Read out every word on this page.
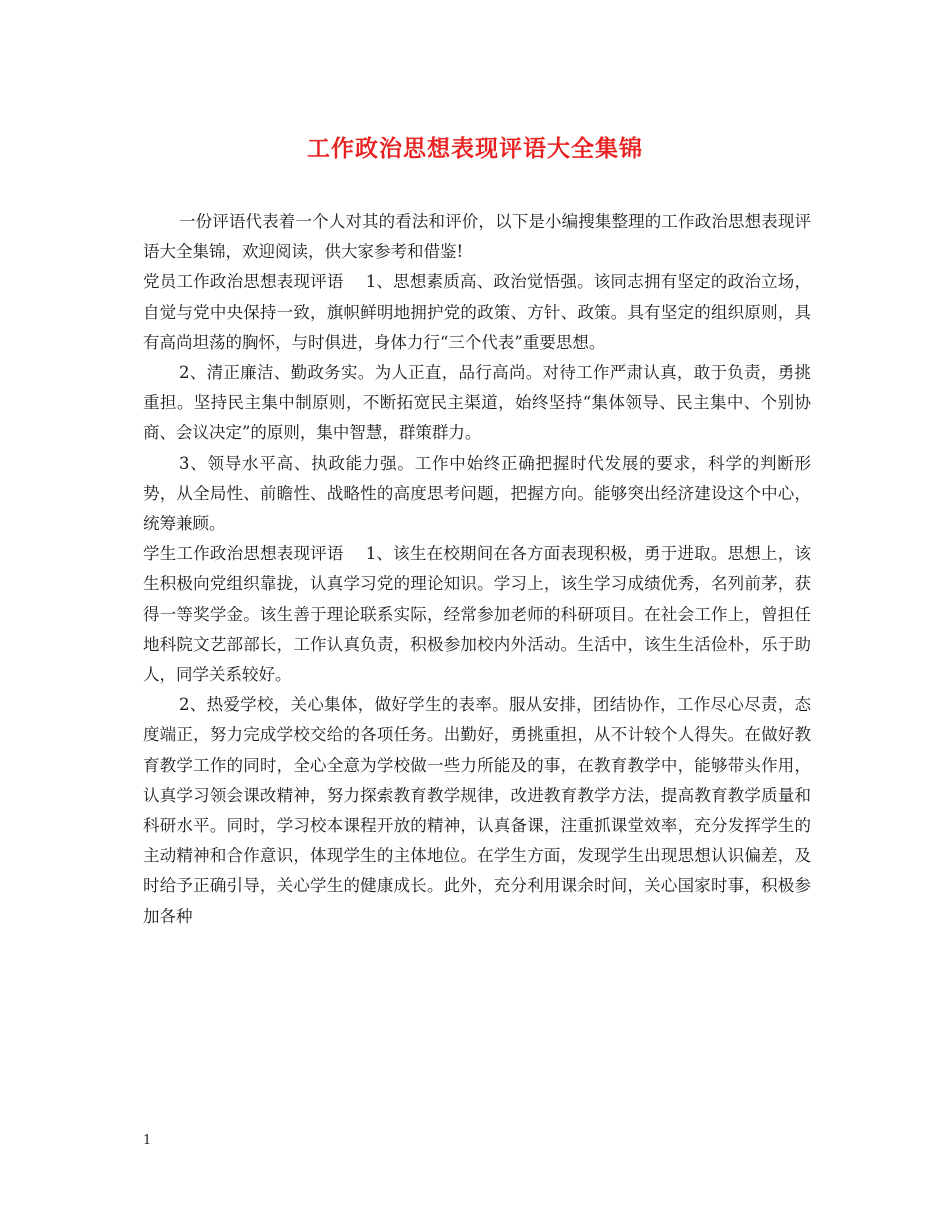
工作政治思想表现评语大全集锦

一份评语代表着一个人对其的看法和评价，以下是小编搜集整理的工作政治思想表现评语大全集锦，欢迎阅读，供大家参考和借鉴!

党员工作政治思想表现评语 1、思想素质高、政治觉悟强。该同志拥有坚定的政治立场，自觉与党中央保持一致，旗帜鲜明地拥护党的政策、方针、政策。具有坚定的组织原则，具有高尚坦荡的胸怀，与时俱进，身体力行“三个代表”重要思想。

2、清正廉洁、勤政务实。为人正直，品行高尚。对待工作严肃认真，敢于负责，勇挑重担。坚持民主集中制原则，不断拓宽民主渠道，始终坚持“集体领导、民主集中、个别协商、会议决定”的原则，集中智慧，群策群力。

3、领导水平高、执政能力强。工作中始终正确把握时代发展的要求，科学的判断形势，从全局性、前瞻性、战略性的高度思考问题，把握方向。能够突出经济建设这个中心，统筹兼顾。

学生工作政治思想表现评语 1、该生在校期间在各方面表现积极，勇于进取。思想上，该生积极向党组织靠拢，认真学习党的理论知识。学习上，该生学习成绩优秀，名列前茅，获得一等奖学金。该生善于理论联系实际，经常参加老师的科研项目。在社会工作上，曾担任地科院文艺部部长，工作认真负责，积极参加校内外活动。生活中，该生生活俭朴，乐于助人，同学关系较好。

2、热爱学校，关心集体，做好学生的表率。服从安排，团结协作，工作尽心尽责，态度端正，努力完成学校交给的各项任务。出勤好，勇挑重担，从不计较个人得失。在做好教育教学工作的同时，全心全意为学校做一些力所能及的事，在教育教学中，能够带头作用，认真学习领会课改精神，努力探索教育教学规律，改进教育教学方法，提高教育教学质量和科研水平。同时，学习校本课程开放的精神，认真备课，注重抓课堂效率，充分发挥学生的主动精神和合作意识，体现学生的主体地位。在学生方面，发现学生出现思想认识偏差，及时给予正确引导，关心学生的健康成长。此外，充分利用课余时间，关心国家时事，积极参加各种

1
